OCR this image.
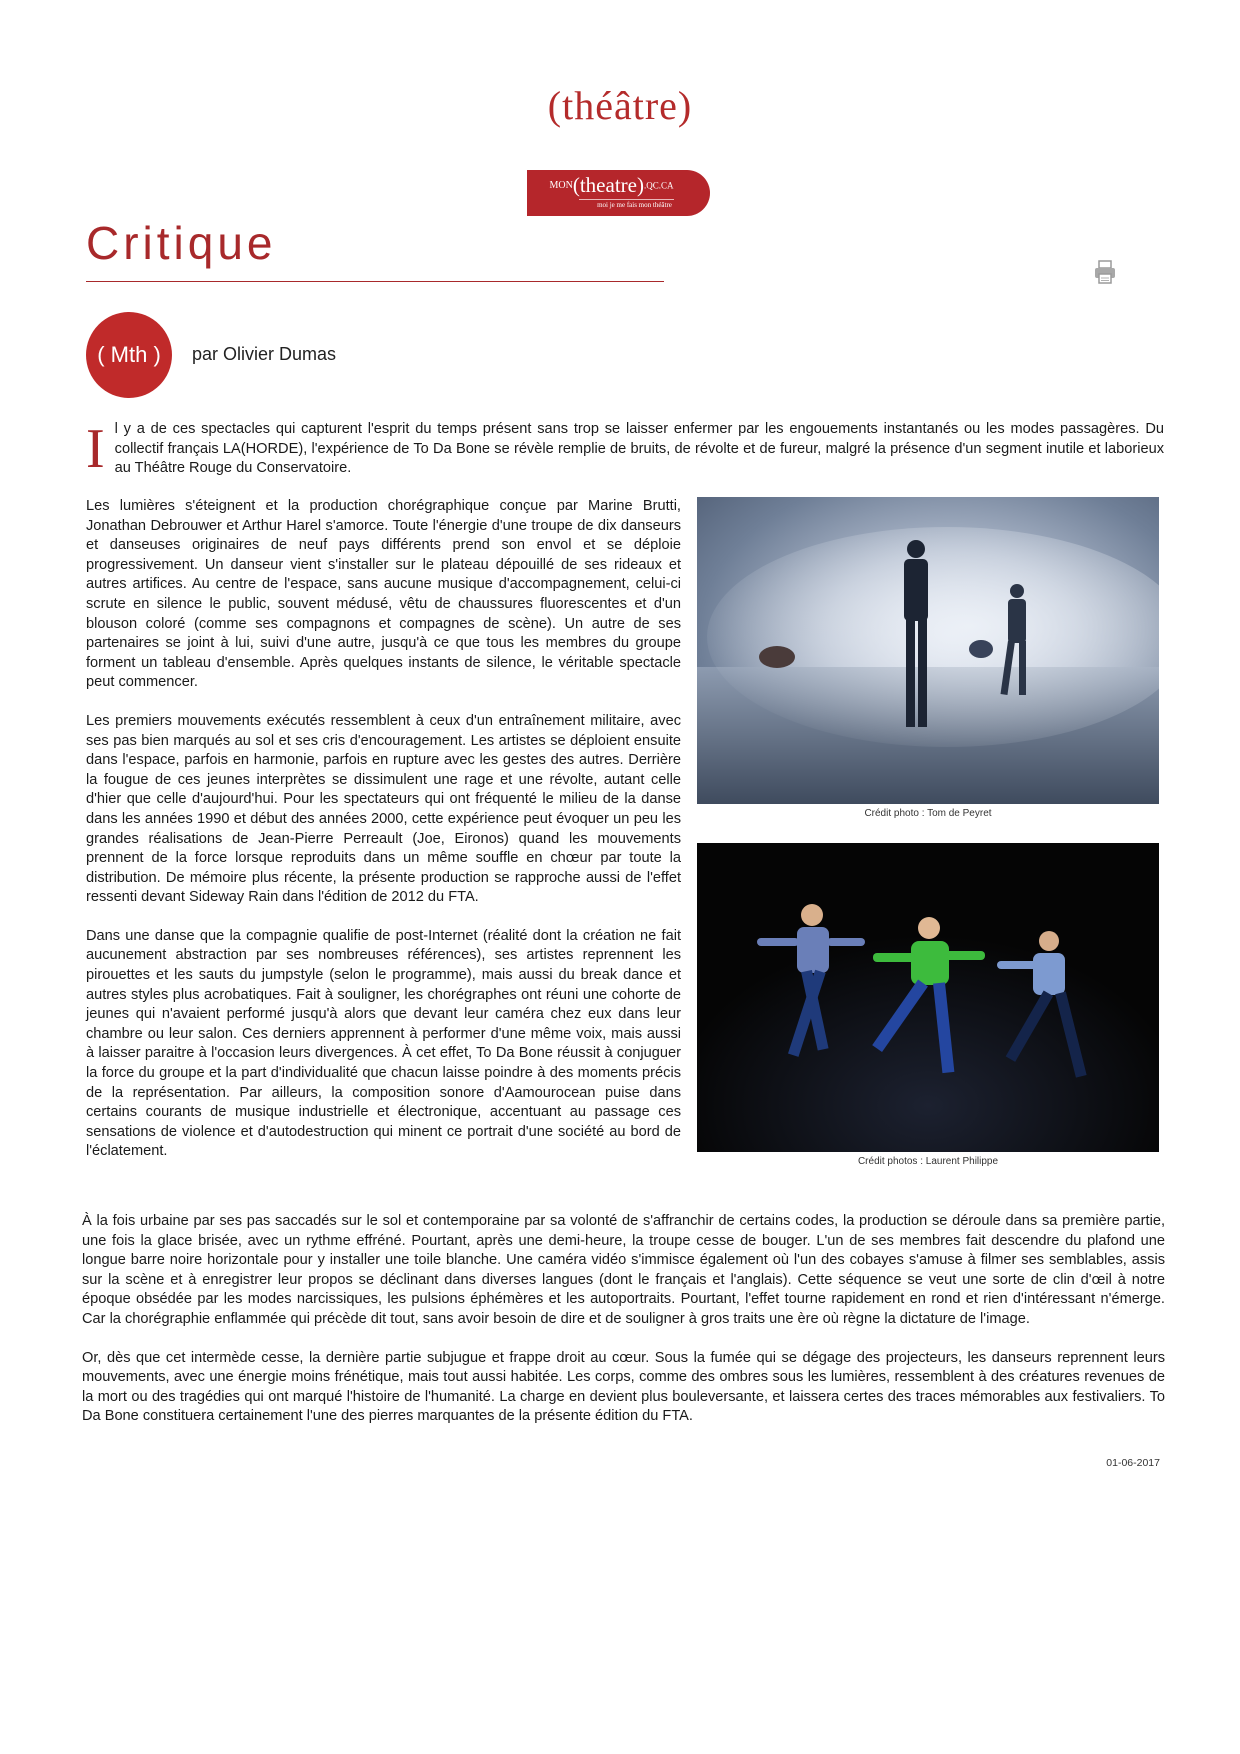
(théâtre)
MON(theatre).QC.CA
moi je me fais mon théâtre
Critique
( Mth )	par Olivier Dumas
I l y a de ces spectacles qui capturent l'esprit du temps présent sans trop se laisser enfermer par les engouements instantanés ou les modes passagères. Du collectif français LA(HORDE), l'expérience de To Da Bone se révèle remplie de bruits, de révolte et de fureur, malgré la présence d'un segment inutile et laborieux au Théâtre Rouge du Conservatoire.

Les lumières s'éteignent et la production chorégraphique conçue par Marine Brutti, Jonathan Debrouwer et Arthur Harel s'amorce. Toute l'énergie d'une troupe de dix danseurs et danseuses originaires de neuf pays différents prend son envol et se déploie progressivement. Un danseur vient s'installer sur le plateau dépouillé de ses rideaux et autres artifices. Au centre de l'espace, sans aucune musique d'accompagnement, celui-ci scrute en silence le public, souvent médusé, vêtu de chaussures fluorescentes et d'un blouson coloré (comme ses compagnons et compagnes de scène). Un autre de ses partenaires se joint à lui, suivi d'une autre, jusqu'à ce que tous les membres du groupe forment un tableau d'ensemble. Après quelques instants de silence, le véritable spectacle peut commencer.

Les premiers mouvements exécutés ressemblent à ceux d'un entraînement militaire, avec ses pas bien marqués au sol et ses cris d'encouragement. Les artistes se déploient ensuite dans l'espace, parfois en harmonie, parfois en rupture avec les gestes des autres. Derrière la fougue de ces jeunes interprètes se dissimulent une rage et une révolte, autant celle d'hier que celle d'aujourd'hui. Pour les spectateurs qui ont fréquenté le milieu de la danse dans les années 1990 et début des années 2000, cette expérience peut évoquer un peu les grandes réalisations de Jean-Pierre Perreault (Joe, Eironos) quand les mouvements prennent de la force lorsque reproduits dans un même souffle en chœur par toute la distribution. De mémoire plus récente, la présente production se rapproche aussi de l'effet ressenti devant Sideway Rain dans l'édition de 2012 du FTA.

Dans une danse que la compagnie qualifie de post-Internet (réalité dont la création ne fait aucunement abstraction par ses nombreuses références), ses artistes reprennent les pirouettes et les sauts du jumpstyle (selon le programme), mais aussi du break dance et autres styles plus acrobatiques. Fait à souligner, les chorégraphes ont réuni une cohorte de jeunes qui n'avaient performé jusqu'à alors que devant leur caméra chez eux dans leur chambre ou leur salon. Ces derniers apprennent à performer d'une même voix, mais aussi à laisser paraitre à l'occasion leurs divergences. À cet effet, To Da Bone réussit à conjuguer la force du groupe et la part d'individualité que chacun laisse poindre à des moments précis de la représentation. Par ailleurs, la composition sonore d'Aamourocean puise dans certains courants de musique industrielle et électronique, accentuant au passage ces sensations de violence et d'autodestruction qui minent ce portrait d'une société au bord de l'éclatement.

Crédit photo : Tom de Peyret
Crédit photos : Laurent Philippe

À la fois urbaine par ses pas saccadés sur le sol et contemporaine par sa volonté de s'affranchir de certains codes, la production se déroule dans sa première partie, une fois la glace brisée, avec un rythme effréné. Pourtant, après une demi-heure, la troupe cesse de bouger. L'un de ses membres fait descendre du plafond une longue barre noire horizontale pour y installer une toile blanche. Une caméra vidéo s'immisce également où l'un des cobayes s'amuse à filmer ses semblables, assis sur la scène et à enregistrer leur propos se déclinant dans diverses langues (dont le français et l'anglais). Cette séquence se veut une sorte de clin d'œil à notre époque obsédée par les modes narcissiques, les pulsions éphémères et les autoportraits. Pourtant, l'effet tourne rapidement en rond et rien d'intéressant n'émerge. Car la chorégraphie enflammée qui précède dit tout, sans avoir besoin de dire et de souligner à gros traits une ère où règne la dictature de l'image.

Or, dès que cet intermède cesse, la dernière partie subjugue et frappe droit au cœur. Sous la fumée qui se dégage des projecteurs, les danseurs reprennent leurs mouvements, avec une énergie moins frénétique, mais tout aussi habitée. Les corps, comme des ombres sous les lumières, ressemblent à des créatures revenues de la mort ou des tragédies qui ont marqué l'histoire de l'humanité. La charge en devient plus bouleversante, et laissera certes des traces mémorables aux festivaliers. To Da Bone constituera certainement l'une des pierres marquantes de la présente édition du FTA.

01-06-2017
